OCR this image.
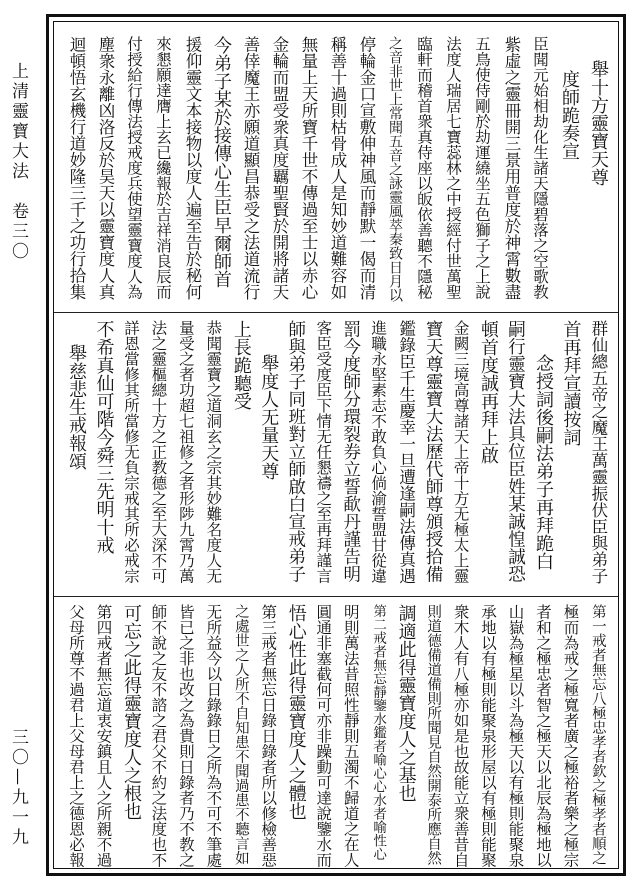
上清靈寶大法　卷三〇
三〇—九一九
舉十方靈寶天尊
度師跪奏宣
臣聞元始相劫化生諸天隱碧落之空歌教
紫虛之靈冊開三景用普度於神霄數盡
五鳥使侍剛於劫運繞坐五色獅子之上說
法度人瑞居七寶蕊林之中授經付世萬聖
臨軒而稽首衆真侍座以皈依善聽不隱秘
之音非世上常聞五音之詠靈風萃秦致日月以
停輪金口宣敷伸神風而靜默一偈而清
稱善十過則枯骨成人是知妙道難容如
無量上天所寶千世不傳過至士以赤心
金輪而盟受衆真度覊聖賢於開將諸天
善倖魔王亦願道顯昌恭受之法道流行
今弟子某於接傳心生臣早爾師首
援仰靈文本接物以度人遍至告於秘何
來懇願達膺上玄已纔報於吉祥消良辰而
付授給行傳法授戒度兵使望靈寶度人為
塵衆永離凶洛反於昊天以靈寶度人真
迴頓悟玄機行道妙隆三千之功行拾集
群仙總五帝之魔王萬靈振伏臣與弟子
首再拜宣讀按詞
念授詞後嗣法弟子再拜跪白
嗣行靈寶大法具位臣姓某誠惶誠恐
頓首度誠再拜上啟
金闕三境高尊諸天上帝十方无極太上靈
寶天尊靈寶大法歷代師尊頒授拾備
鑑錄臣千生慶幸一旦遭逢嗣法傳真遇
進職永堅素志不敢負心倘渝誓盟甘從違
罰今度師分環裂券立誓歃丹謹告明
客臣受度臣下情无任懇禱之至再拜謹言
師與弟子同班對立師啟白宣戒弟子
舉度人无量天尊
上長跪聽受
恭聞靈寶之道洞玄之宗其妙難名度人无
量受之者功超七祖修之者形陟九霄乃萬
法之靈樞總十方之正教德之至大深不可
詳恩當修其所當修无負宗戒其所必戒宗
不希真仙可階今舜三先明十戒
舉慈悲生戒報頌
第一戒者無忘八極忠孝者欽之極孝者順之
極而為戒之極寬者廣之極裕者樂之極宗
者和之極忠者智之極天以北辰為極地以
山嶽為極星以斗為極天以有極則能聚泉
承地以有極則能聚泉形屋以有極則能聚
衆木人有八極亦如是也故能立衆善昔自
則道德備道備則所聞見自然開泰所應自然
調適此得靈寶度人之基也
第二戒者無忘靜鑒水鑑者喻心心水者喻性心
明則萬法昔照性靜則五濁不歸道之在人
圓通非塞截何可亦非躁動可達說鑒水而
悟心性此得靈寶度人之體也
第三戒者無忘日錄日錄者所以修檢善惡
之處世之人所不自知患不聞過患不聽言如
无所益今以日錄錄日之所為不可不筆處
皆已之非也改之為貴則日錄者乃不教之
師不說之友不諮之君父不約之法度也不
可忘之此得靈寶度人之根也
第四戒者無忘道衷安鎮且人之所親不過
父母所尊不過君上父母君上之德恩必報
